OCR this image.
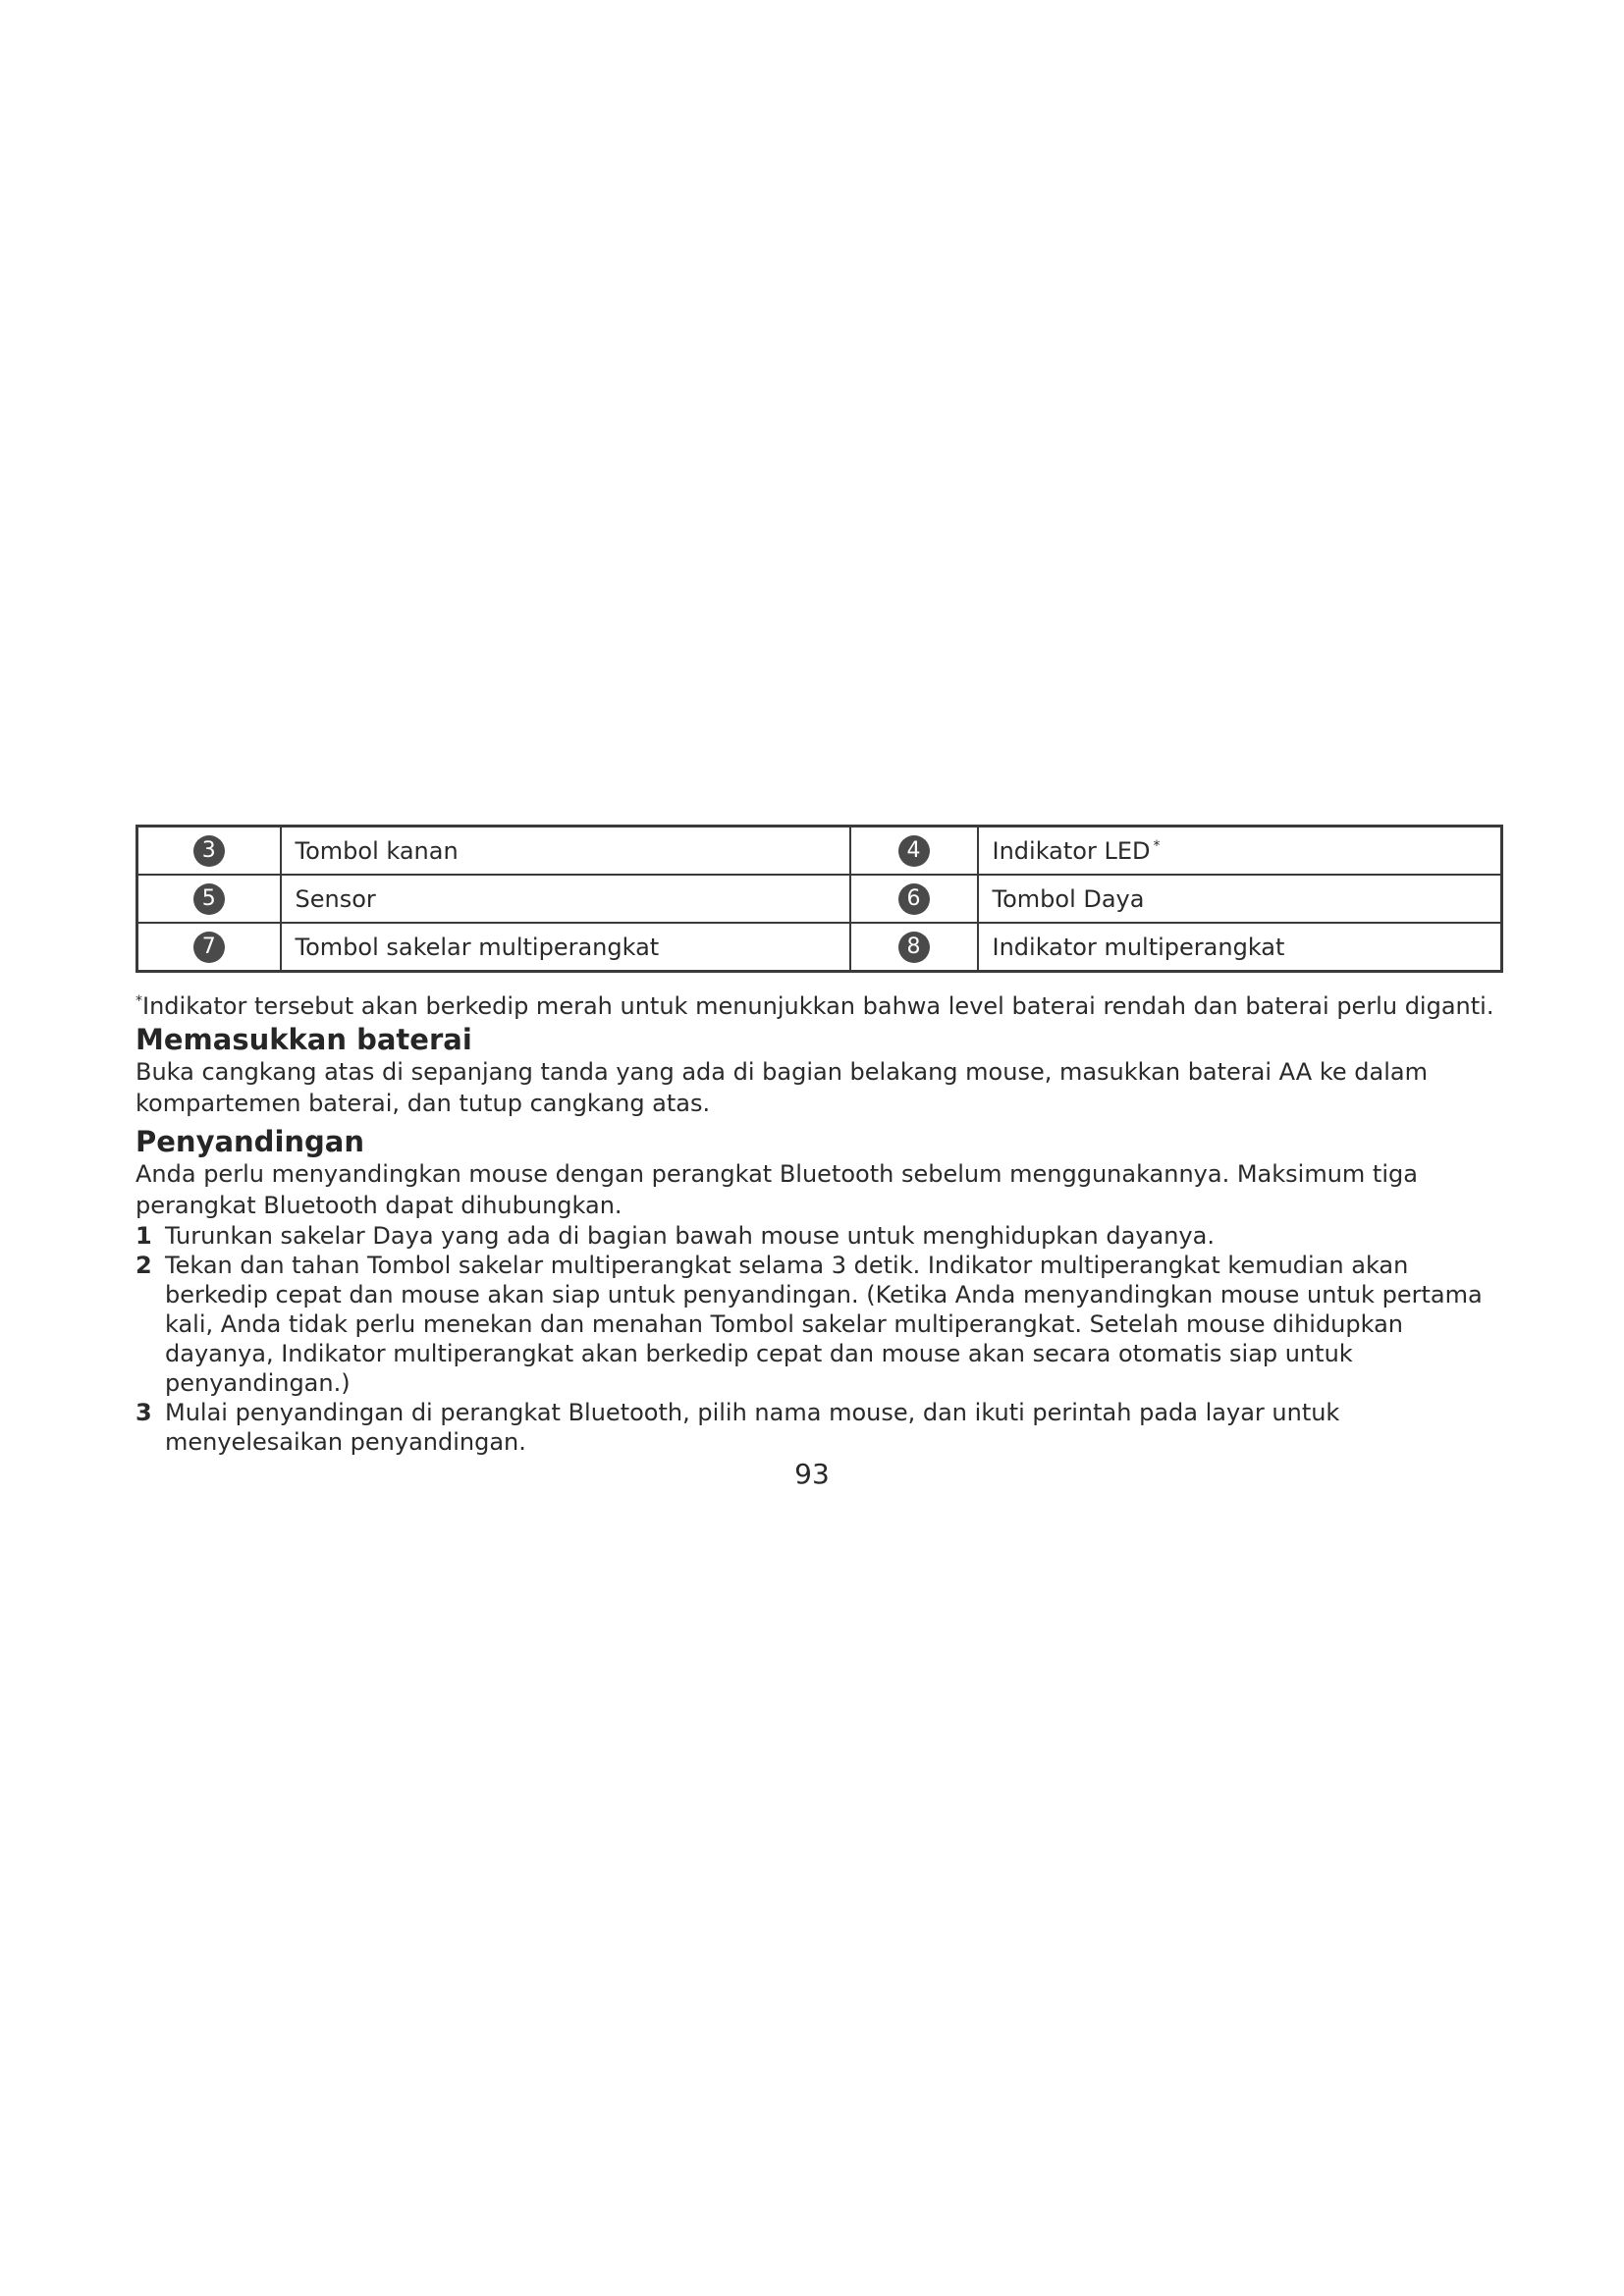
3	Tombol kanan	4	Indikator LED *
5	Sensor	6	Tombol Daya
7	Tombol sakelar multiperangkat	8	Indikator multiperangkat
*Indikator tersebut akan berkedip merah untuk menunjukkan bahwa level baterai rendah dan baterai perlu diganti.
Memasukkan baterai

Buka cangkang atas di sepanjang tanda yang ada di bagian belakang mouse, masukkan baterai AA ke dalam kompartemen baterai, dan tutup cangkang atas.

Penyandingan

Anda perlu menyandingkan mouse dengan perangkat Bluetooth sebelum menggunakannya. Maksimum tiga perangkat Bluetooth dapat dihubungkan.

1 Turunkan sakelar Daya yang ada di bagian bawah mouse untuk menghidupkan dayanya.
2 Tekan dan tahan Tombol sakelar multiperangkat selama 3 detik. Indikator multiperangkat kemudian akan berkedip cepat dan mouse akan siap untuk penyandingan. (Ketika Anda menyandingkan mouse untuk pertama kali, Anda tidak perlu menekan dan menahan Tombol sakelar multiperangkat. Setelah mouse dihidupkan dayanya, Indikator multiperangkat akan berkedip cepat dan mouse akan secara otomatis siap untuk penyandingan.)
3 Mulai penyandingan di perangkat Bluetooth, pilih nama mouse, dan ikuti perintah pada layar untuk menyelesaikan penyandingan.
93
